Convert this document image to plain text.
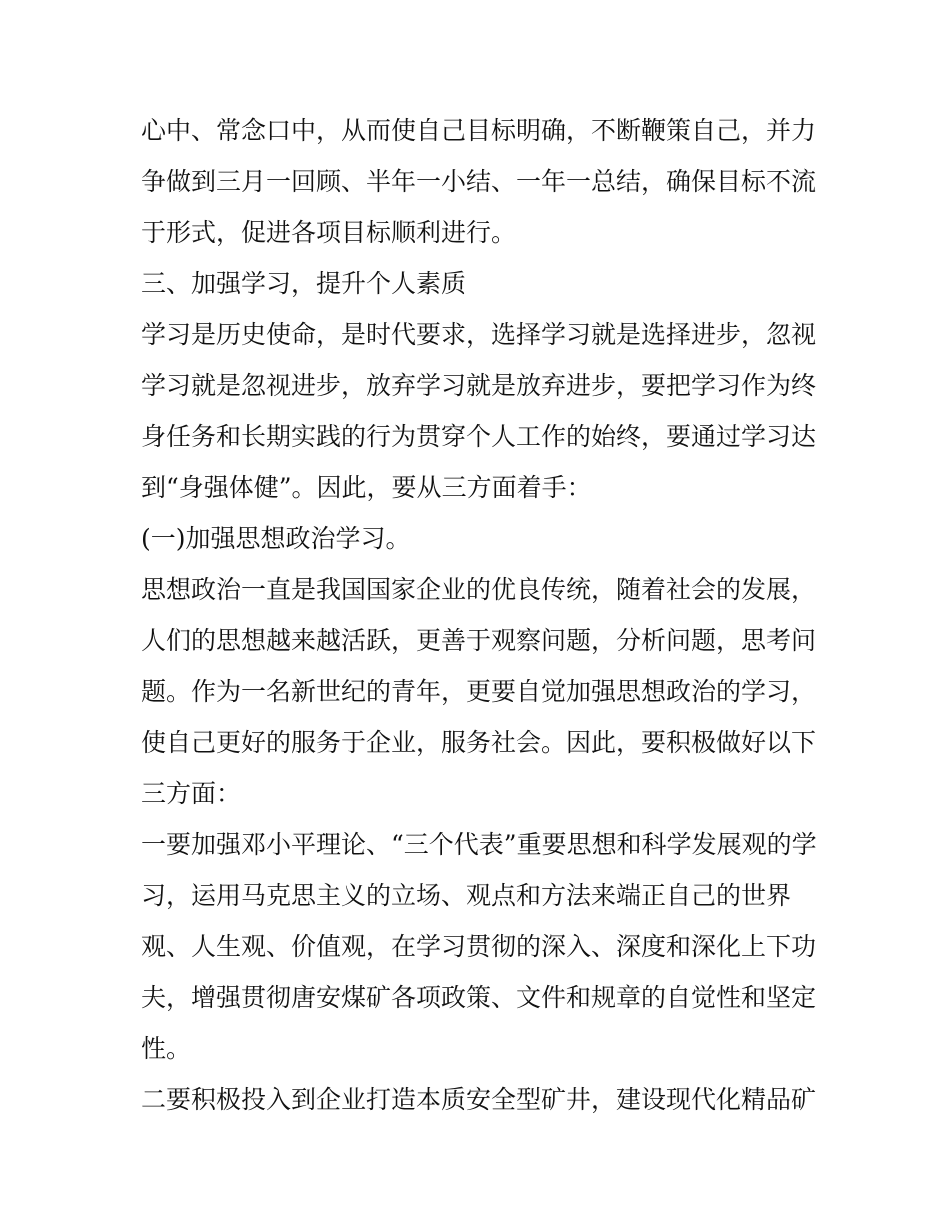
心中、常念口中，从而使自己目标明确，不断鞭策自己，并力
争做到三月一回顾、半年一小结、一年一总结，确保目标不流
于形式，促进各项目标顺利进行。
三、加强学习，提升个人素质
学习是历史使命，是时代要求，选择学习就是选择进步，忽视
学习就是忽视进步，放弃学习就是放弃进步，要把学习作为终
身任务和长期实践的行为贯穿个人工作的始终，要通过学习达
到“身强体健”。因此，要从三方面着手：
(一)加强思想政治学习。
思想政治一直是我国国家企业的优良传统，随着社会的发展，
人们的思想越来越活跃，更善于观察问题，分析问题，思考问
题。作为一名新世纪的青年，更要自觉加强思想政治的学习，
使自己更好的服务于企业，服务社会。因此，要积极做好以下
三方面：
一要加强邓小平理论、“三个代表”重要思想和科学发展观的学
习，运用马克思主义的立场、观点和方法来端正自己的世界
观、人生观、价值观，在学习贯彻的深入、深度和深化上下功
夫，增强贯彻唐安煤矿各项政策、文件和规章的自觉性和坚定
性。
二要积极投入到企业打造本质安全型矿井，建设现代化精品矿
